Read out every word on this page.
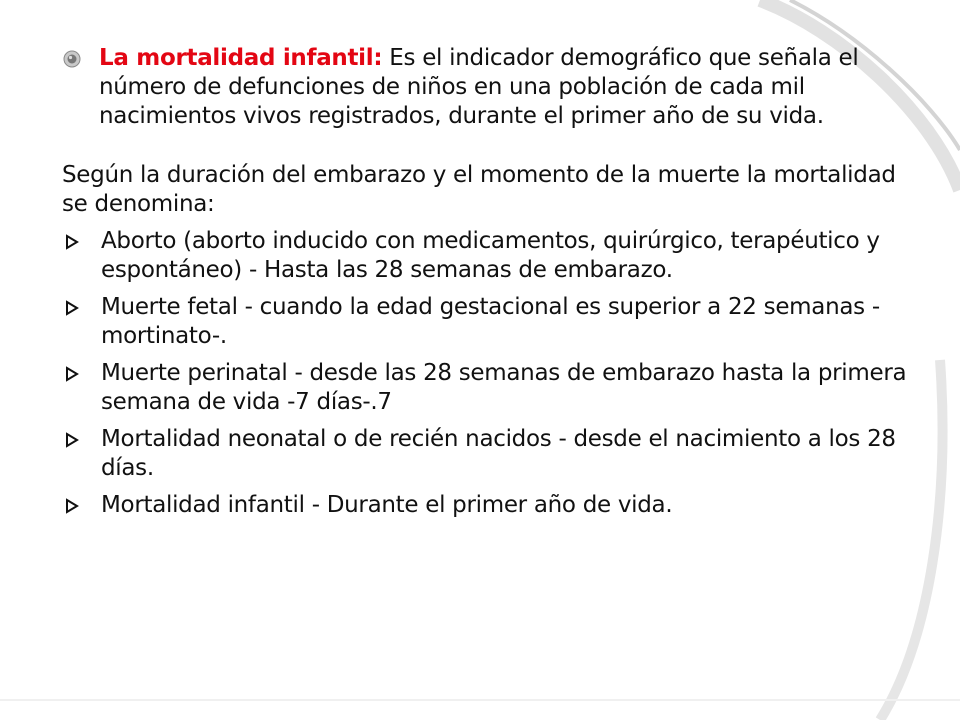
La mortalidad infantil: Es el indicador demográfico que señala el número de defunciones de niños en una población de cada mil nacimientos vivos registrados, durante el primer año de su vida.
Según la duración del embarazo y el momento de la muerte la mortalidad se denomina:
Aborto (aborto inducido con medicamentos, quirúrgico, terapéutico y espontáneo) - Hasta las 28 semanas de embarazo.
Muerte fetal - cuando la edad gestacional es superior a 22 semanas -mortinato-.
Muerte perinatal - desde las 28 semanas de embarazo hasta la primera semana de vida -7 días-.7
Mortalidad neonatal o de recién nacidos - desde el nacimiento a los 28 días.
Mortalidad infantil - Durante el primer año de vida.
